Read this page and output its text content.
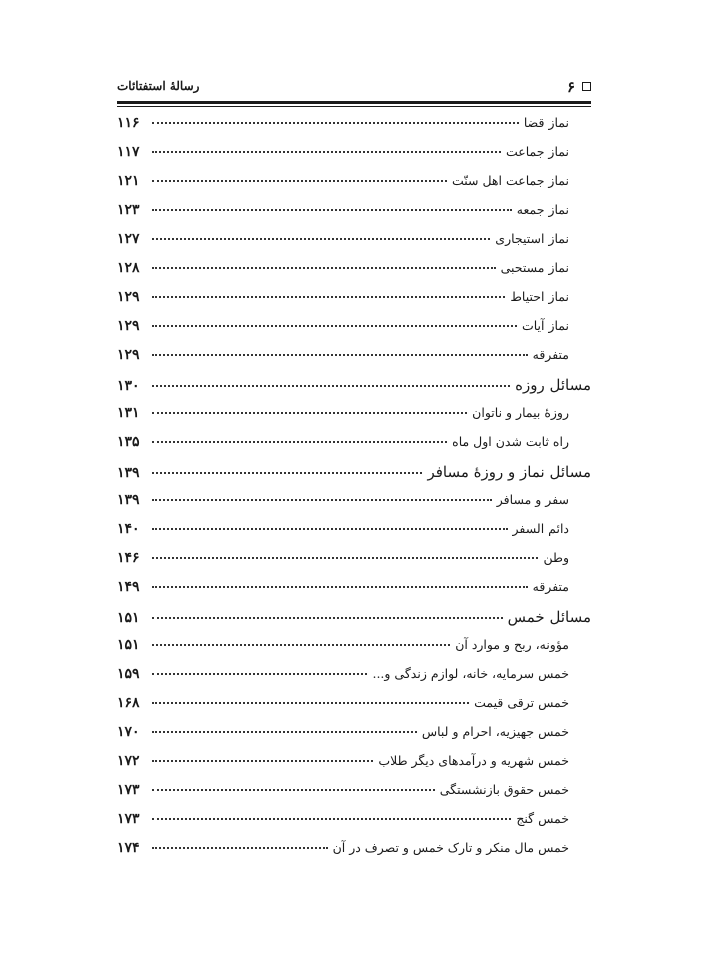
۶
رسالهٔ استفتائات
نماز قضا
۱۱۶
نماز جماعت
۱۱۷
نماز جماعت اهل سنّت
۱۲۱
نماز جمعه
۱۲۳
نماز استیجاری
۱۲۷
نماز مستحبی
۱۲۸
نماز احتیاط
۱۲۹
نماز آیات
۱۲۹
متفرقه
۱۲۹
مسائل روزه
۱۳۰
روزهٔ بیمار و ناتوان
۱۳۱
راه ثابت شدن اول ماه
۱۳۵
مسائل نماز و روزهٔ مسافر
۱۳۹
سفر و مسافر
۱۳۹
دائم السفر
۱۴۰
وطن
۱۴۶
متفرقه
۱۴۹
مسائل خمس
۱۵۱
مؤونه، ربح و موارد آن
۱۵۱
خمس سرمایه، خانه، لوازم زندگی و...
۱۵۹
خمس ترقی قیمت
۱۶۸
خمس جهیزیه، احرام و لباس
۱۷۰
خمس شهریه و درآمدهای دیگر طلاب
۱۷۲
خمس حقوق بازنشستگی
۱۷۳
خمس گنج
۱۷۳
خمس مال منکر و تارک خمس و تصرف در آن
۱۷۴
